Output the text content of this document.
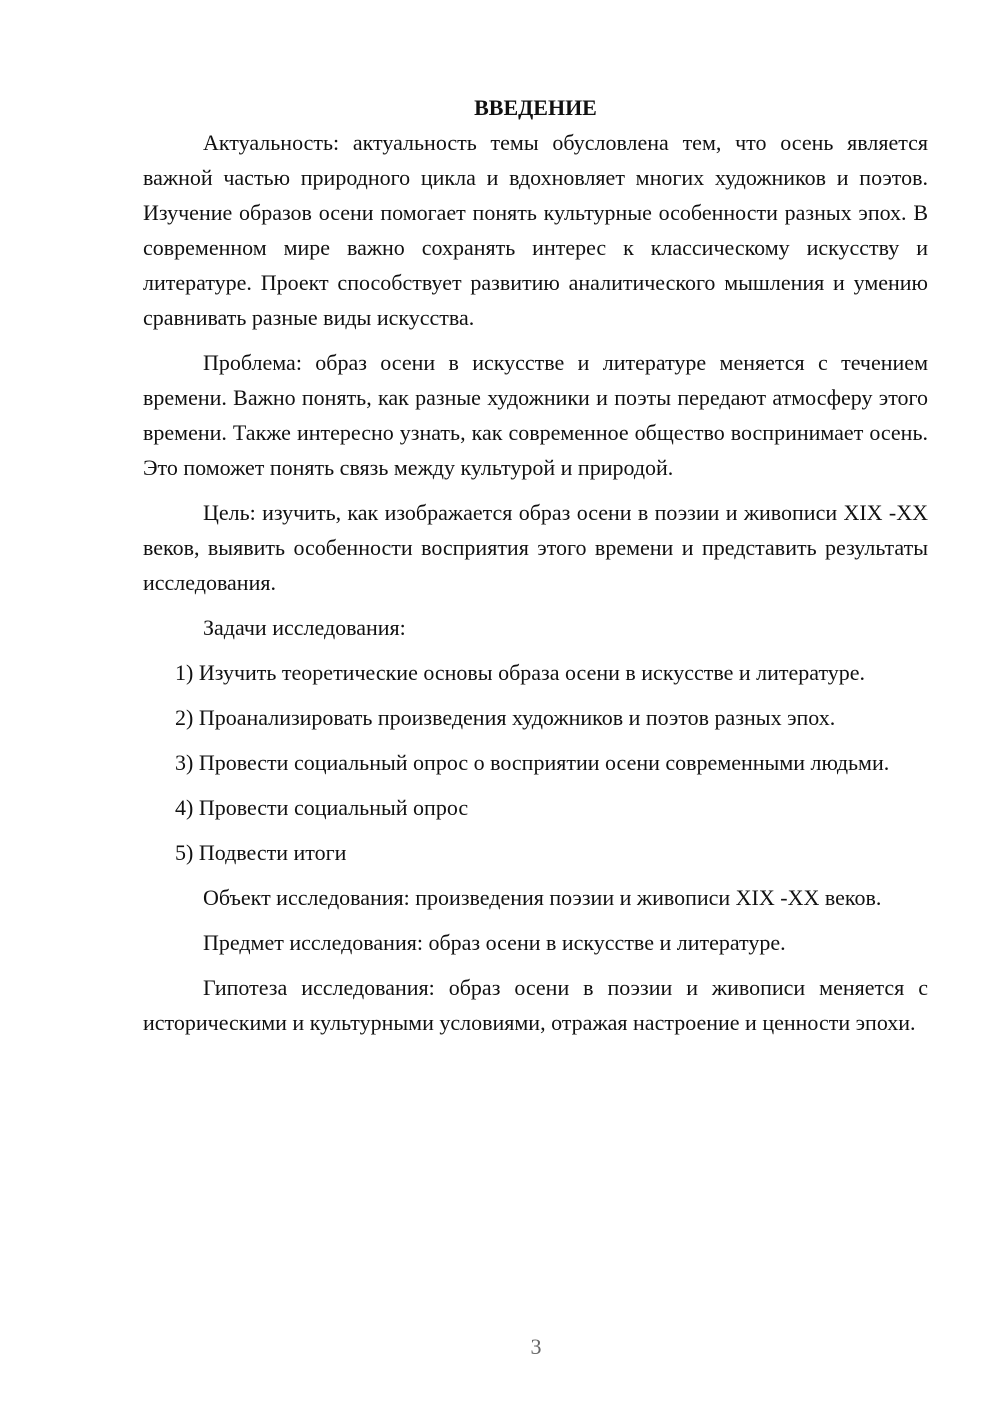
ВВЕДЕНИЕ

Актуальность: актуальность темы обусловлена тем, что осень является важной частью природного цикла и вдохновляет многих художников и поэтов. Изучение образов осени помогает понять культурные особенности разных эпох. В современном мире важно сохранять интерес к классическому искусству и литературе. Проект способствует развитию аналитического мышления и умению сравнивать разные виды искусства.

Проблема: образ осени в искусстве и литературе меняется с течением времени. Важно понять, как разные художники и поэты передают атмосферу этого времени. Также интересно узнать, как современное общество воспринимает осень. Это поможет понять связь между культурой и природой.

Цель: изучить, как изображается образ осени в поэзии и живописи XIX -XX веков, выявить особенности восприятия этого времени и представить результаты исследования.

Задачи исследования:

1) Изучить теоретические основы образа осени в искусстве и литературе.

2) Проанализировать произведения художников и поэтов разных эпох.

3) Провести социальный опрос о восприятии осени современными людьми.

4) Провести социальный опрос

5) Подвести итоги

Объект исследования: произведения поэзии и живописи XIX -XX веков.

Предмет исследования: образ осени в искусстве и литературе.

Гипотеза исследования: образ осени в поэзии и живописи меняется с историческими и культурными условиями, отражая настроение и ценности эпохи.

3
